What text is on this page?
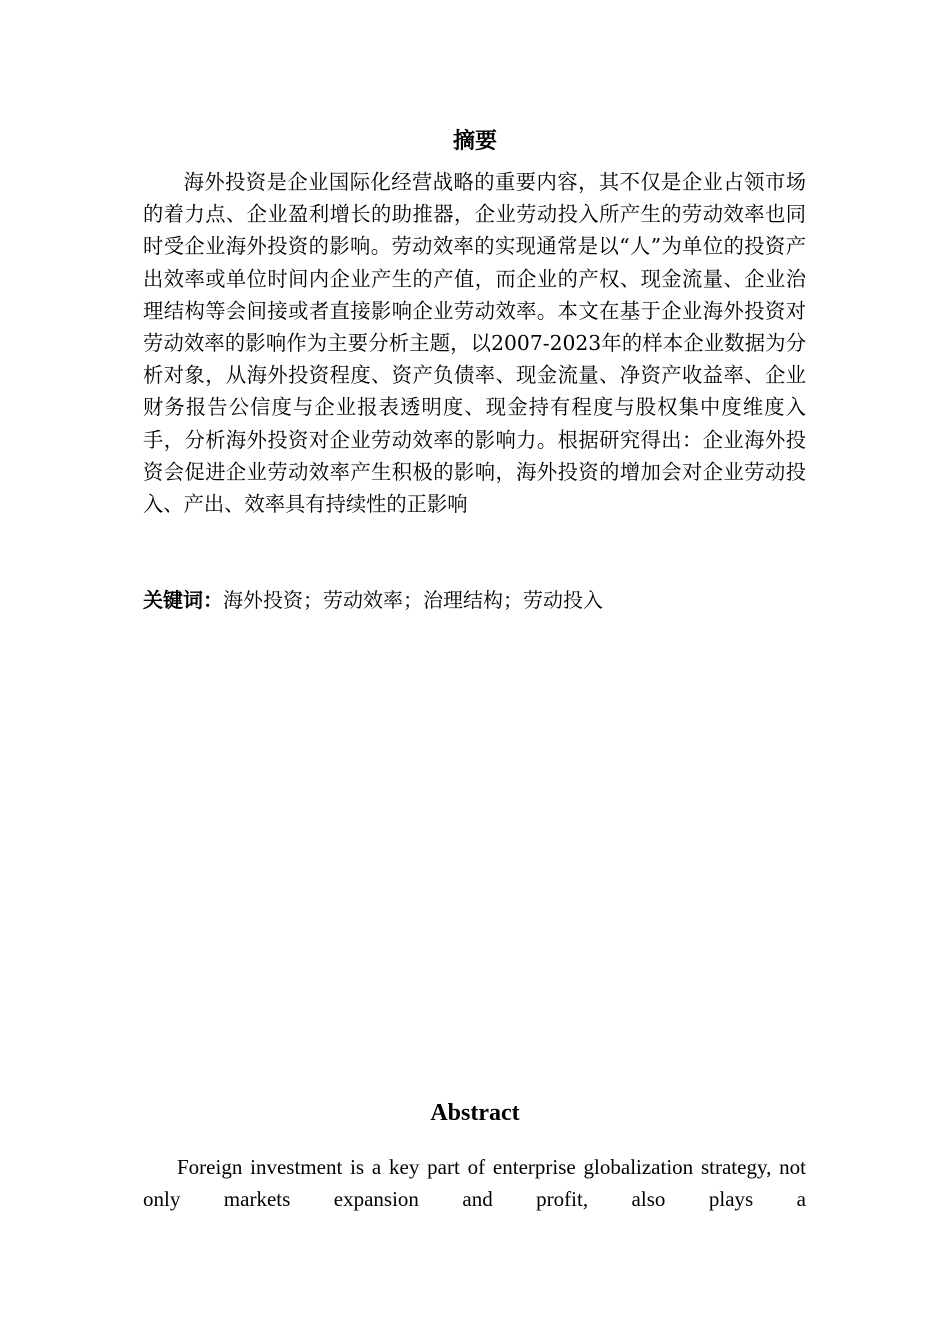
摘要

海外投资是企业国际化经营战略的重要内容，其不仅是企业占领市场的着力点、企业盈利增长的助推器，企业劳动投入所产生的劳动效率也同时受企业海外投资的影响。劳动效率的实现通常是以“人”为单位的投资产出效率或单位时间内企业产生的产值，而企业的产权、现金流量、企业治理结构等会间接或者直接影响企业劳动效率。本文在基于企业海外投资对劳动效率的影响作为主要分析主题，以2007-2023年的样本企业数据为分析对象，从海外投资程度、资产负债率、现金流量、净资产收益率、企业财务报告公信度与企业报表透明度、现金持有程度与股权集中度维度入手，分析海外投资对企业劳动效率的影响力。根据研究得出：企业海外投资会促进企业劳动效率产生积极的影响，海外投资的增加会对企业劳动投入、产出、效率具有持续性的正影响

关键词：海外投资；劳动效率；治理结构；劳动投入

Abstract

Foreign investment is a key part of enterprise globalization strategy, not only markets expansion and profit, also plays a
